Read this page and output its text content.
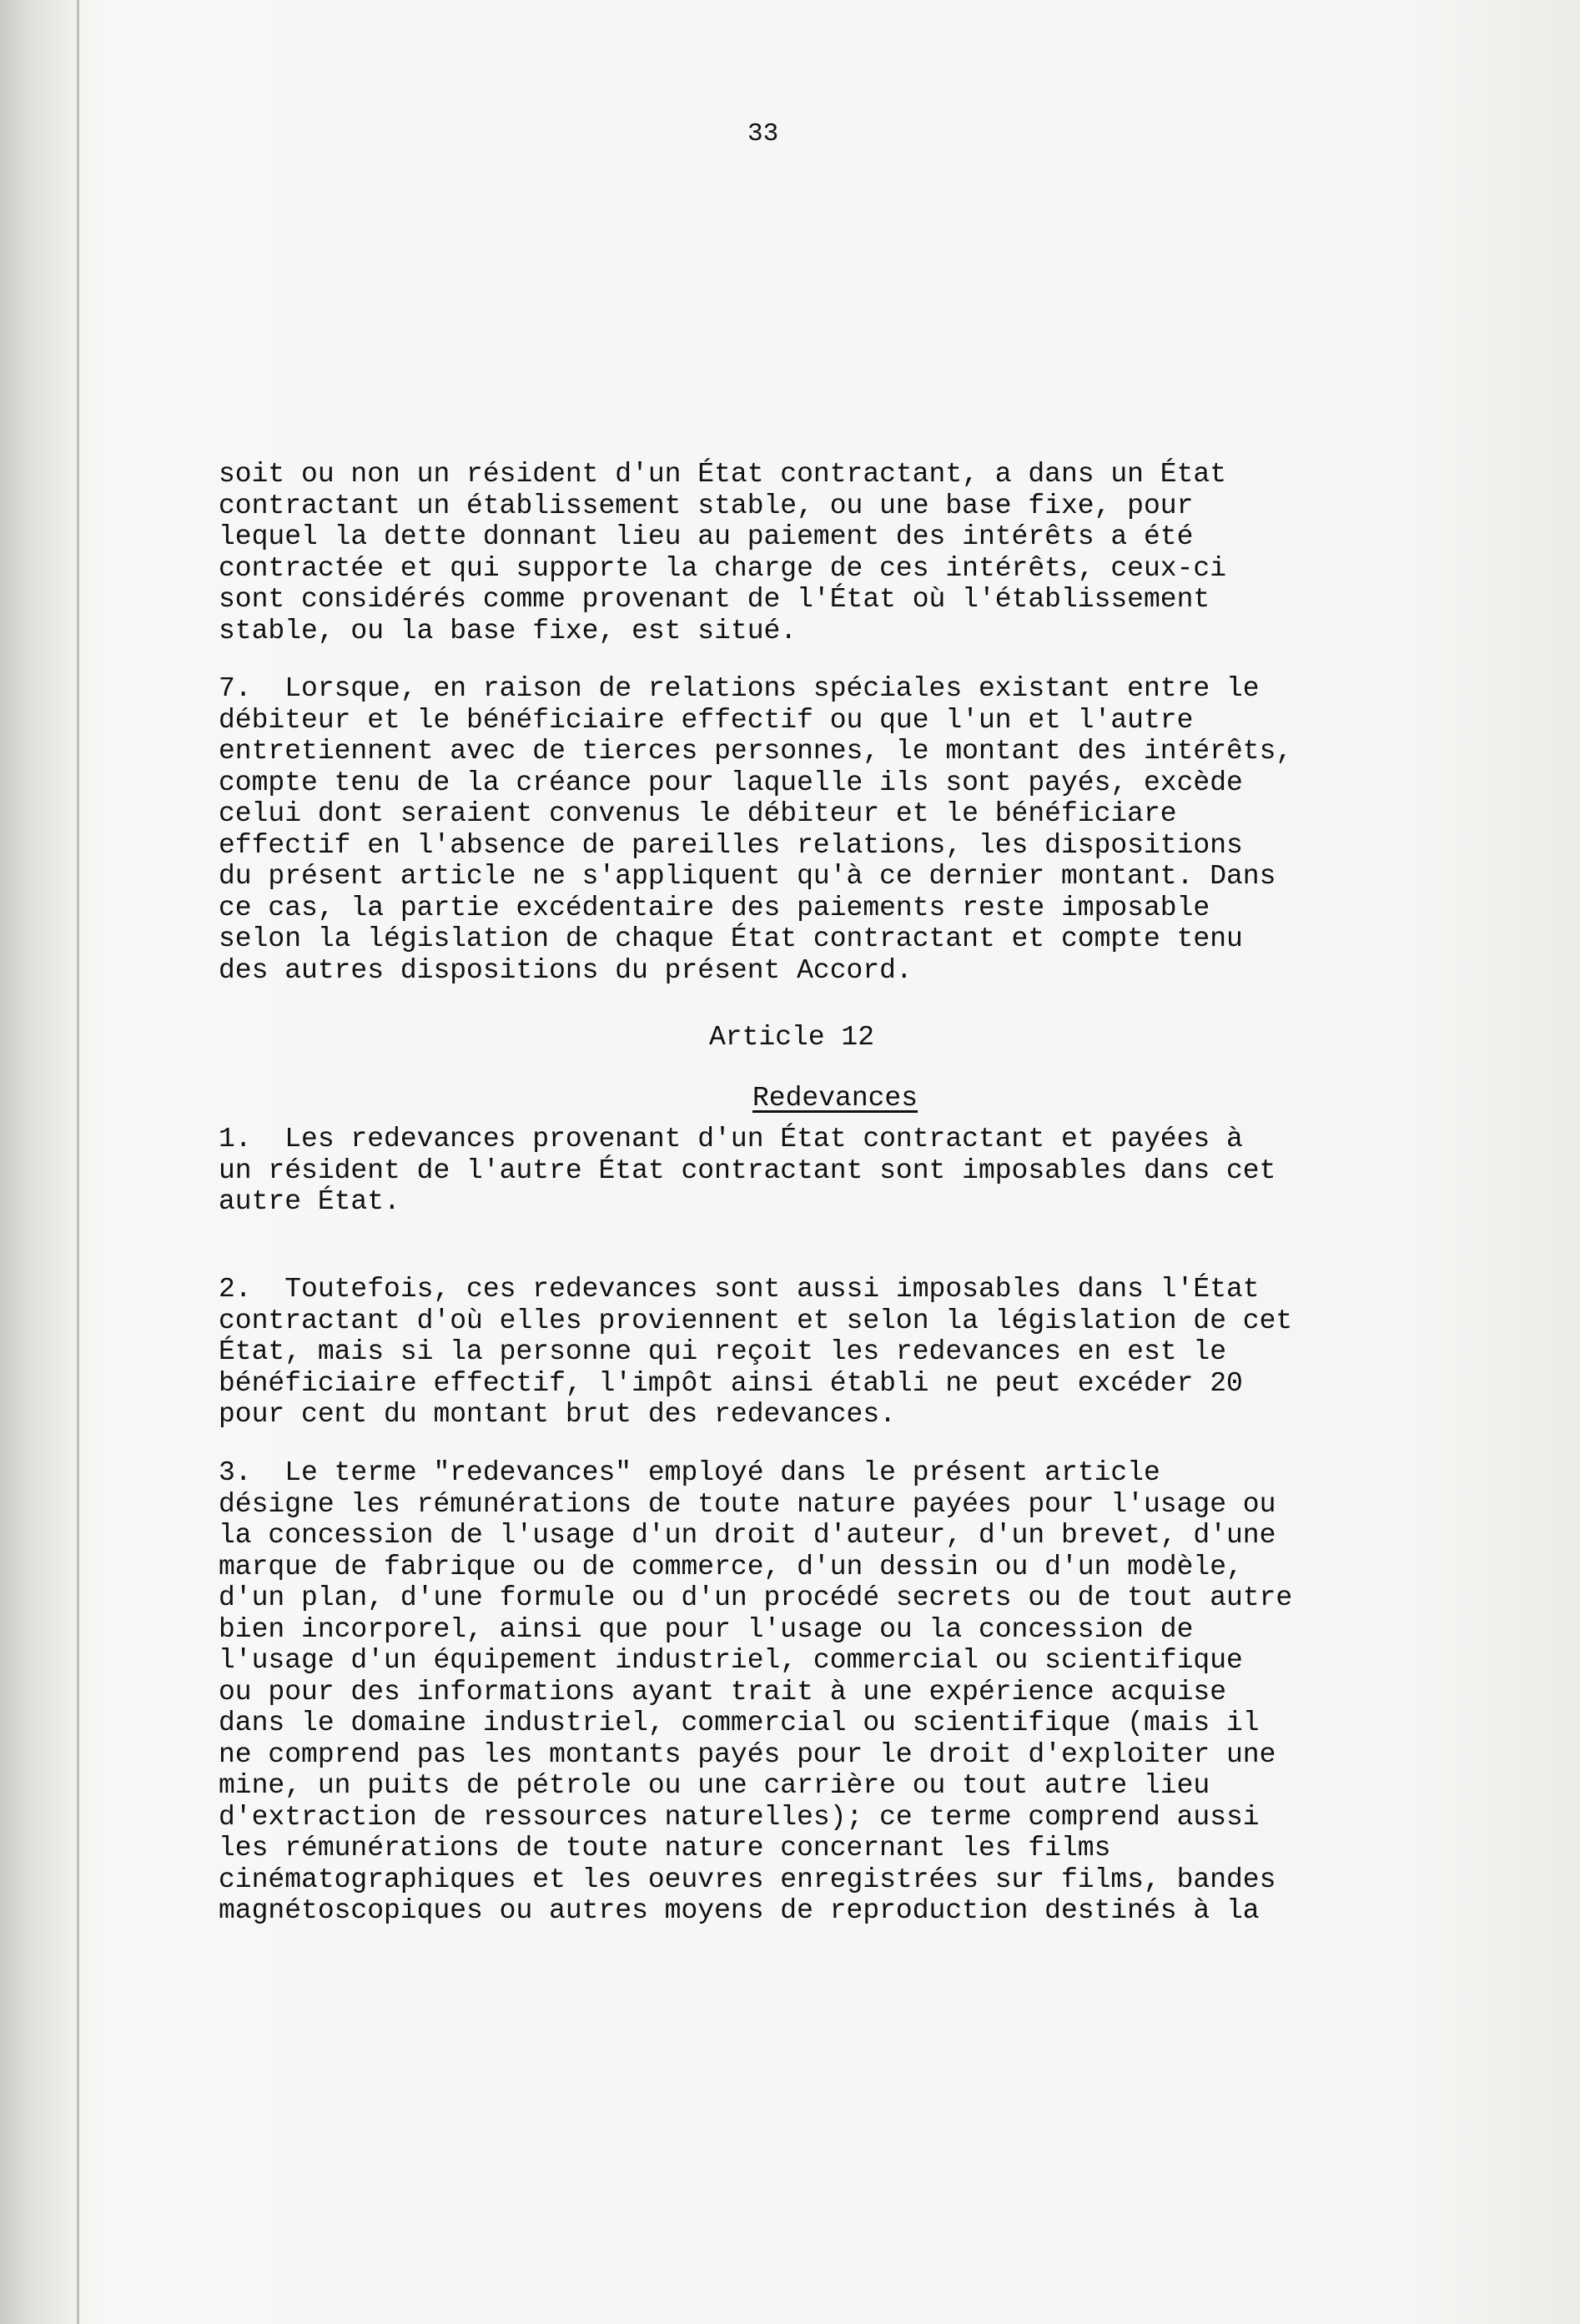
33
soit ou non un résident d'un État contractant, a dans un État
contractant un établissement stable, ou une base fixe, pour
lequel la dette donnant lieu au paiement des intérêts a été
contractée et qui supporte la charge de ces intérêts, ceux-ci
sont considérés comme provenant de l'État où l'établissement
stable, ou la base fixe, est situé.
7.  Lorsque, en raison de relations spéciales existant entre le
débiteur et le bénéficiaire effectif ou que l'un et l'autre
entretiennent avec de tierces personnes, le montant des intérêts,
compte tenu de la créance pour laquelle ils sont payés, excède
celui dont seraient convenus le débiteur et le bénéficiare
effectif en l'absence de pareilles relations, les dispositions
du présent article ne s'appliquent qu'à ce dernier montant. Dans
ce cas, la partie excédentaire des paiements reste imposable
selon la législation de chaque État contractant et compte tenu
des autres dispositions du présent Accord.
Article 12
Redevances
1.  Les redevances provenant d'un État contractant et payées à
un résident de l'autre État contractant sont imposables dans cet
autre État.
2.  Toutefois, ces redevances sont aussi imposables dans l'État
contractant d'où elles proviennent et selon la législation de cet
État, mais si la personne qui reçoit les redevances en est le
bénéficiaire effectif, l'impôt ainsi établi ne peut excéder 20
pour cent du montant brut des redevances.
3.  Le terme "redevances" employé dans le présent article
désigne les rémunérations de toute nature payées pour l'usage ou
la concession de l'usage d'un droit d'auteur, d'un brevet, d'une
marque de fabrique ou de commerce, d'un dessin ou d'un modèle,
d'un plan, d'une formule ou d'un procédé secrets ou de tout autre
bien incorporel, ainsi que pour l'usage ou la concession de
l'usage d'un équipement industriel, commercial ou scientifique
ou pour des informations ayant trait à une expérience acquise
dans le domaine industriel, commercial ou scientifique (mais il
ne comprend pas les montants payés pour le droit d'exploiter une
mine, un puits de pétrole ou une carrière ou tout autre lieu
d'extraction de ressources naturelles); ce terme comprend aussi
les rémunérations de toute nature concernant les films
cinématographiques et les oeuvres enregistrées sur films, bandes
magnétoscopiques ou autres moyens de reproduction destinés à la
